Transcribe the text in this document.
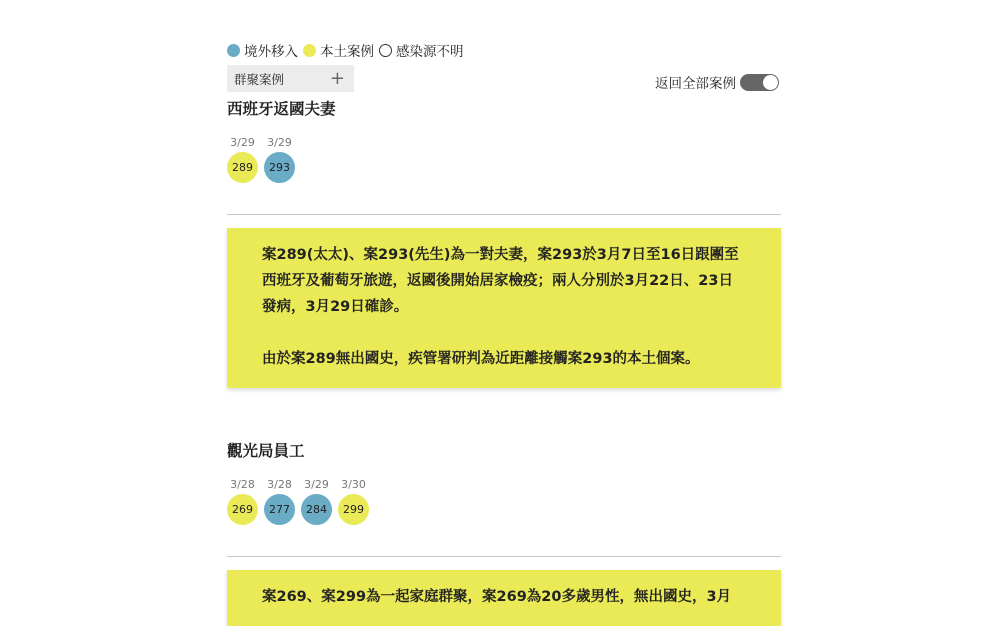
境外移入 本土案例 感染源不明
群聚案例	+	返回全部案例
西班牙返國夫妻
3/29
289
3/29
293

案289(太太)、案293(先生)為一對夫妻，案293於3月7日至16日跟團至西班牙及葡萄牙旅遊，返國後開始居家檢疫；兩人分別於3月22日、23日發病，3月29日確診。

由於案289無出國史，疾管署研判為近距離接觸案293的本土個案。

觀光局員工
3/28
269
3/28
277
3/29
284
3/30
299

案269、案299為一起家庭群聚，案269為20多歲男性，無出國史，3月
